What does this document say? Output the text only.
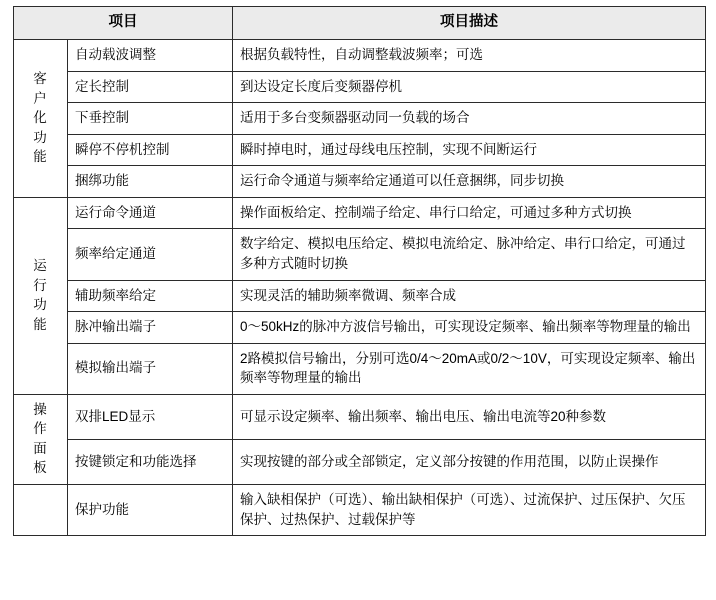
项目		项目描述
客
户
化
功
能	自动载波调整	根据负载特性，自动调整载波频率；可选
	定长控制	到达设定长度后变频器停机
	下垂控制	适用于多台变频器驱动同一负载的场合
	瞬停不停机控制	瞬时掉电时，通过母线电压控制，实现不间断运行
	捆绑功能	运行命令通道与频率给定通道可以任意捆绑，同步切换
运
行
功
能	运行命令通道	操作面板给定、控制端子给定、串行口给定，可通过多种方式切换
	频率给定通道	数字给定、模拟电压给定、模拟电流给定、脉冲给定、串行口给定，可通过多种方式随时切换
	辅助频率给定	实现灵活的辅助频率微调、频率合成
	脉冲输出端子	0～50kHz的脉冲方波信号输出，可实现设定频率、输出频率等物理量的输出
	模拟输出端子	2路模拟信号输出，分别可选0/4～20mA或0/2～10V，可实现设定频率、输出频率等物理量的输出
操
作
面
板	双排LED显示	可显示设定频率、输出频率、输出电压、输出电流等20种参数
	按键锁定和功能选择	实现按键的部分或全部锁定，定义部分按键的作用范围，以防止误操作
	保护功能	输入缺相保护（可选）、输出缺相保护（可选）、过流保护、过压保护、欠压保护、过热保护、过载保护等
